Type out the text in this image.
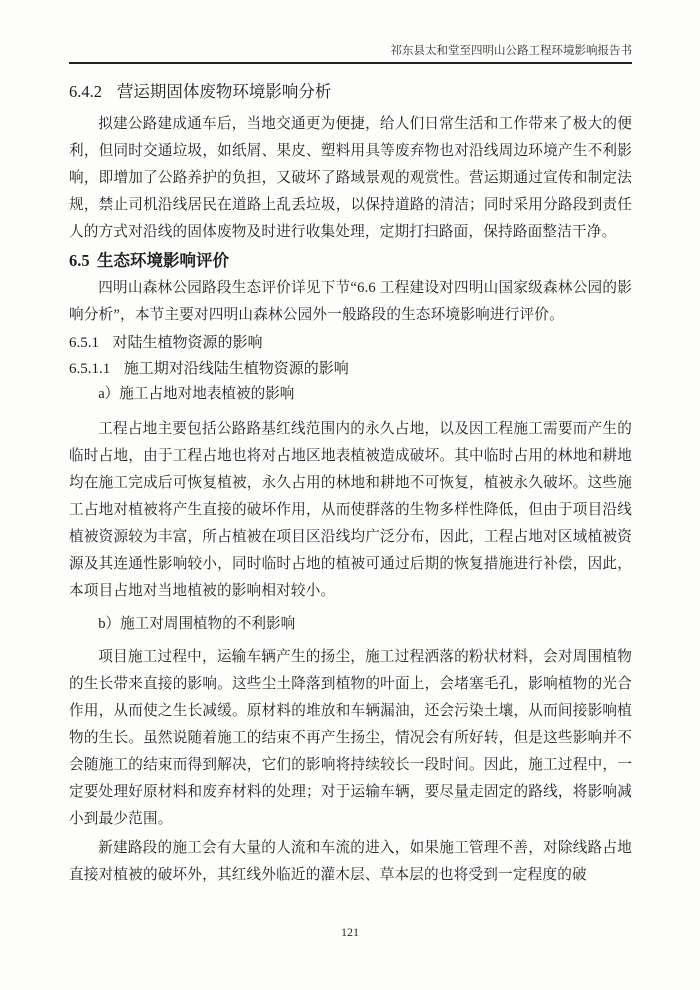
祁东县太和堂至四明山公路工程环境影响报告书
6.4.2 营运期固体废物环境影响分析

拟建公路建成通车后，当地交通更为便捷，给人们日常生活和工作带来了极大的便利，但同时交通垃圾，如纸屑、果皮、塑料用具等废弃物也对沿线周边环境产生不利影响，即增加了公路养护的负担，又破坏了路域景观的观赏性。营运期通过宣传和制定法规，禁止司机沿线居民在道路上乱丢垃圾，以保持道路的清洁；同时采用分路段到责任人的方式对沿线的固体废物及时进行收集处理，定期打扫路面，保持路面整洁干净。

6.5 生态环境影响评价

四明山森林公园路段生态评价详见下节“6.6 工程建设对四明山国家级森林公园的影响分析”，本节主要对四明山森林公园外一般路段的生态环境影响进行评价。

6.5.1 对陆生植物资源的影响
6.5.1.1 施工期对沿线陆生植物资源的影响

a）施工占地对地表植被的影响

工程占地主要包括公路路基红线范围内的永久占地，以及因工程施工需要而产生的临时占地，由于工程占地也将对占地区地表植被造成破坏。其中临时占用的林地和耕地均在施工完成后可恢复植被，永久占用的林地和耕地不可恢复，植被永久破坏。这些施工占地对植被将产生直接的破坏作用，从而使群落的生物多样性降低，但由于项目沿线植被资源较为丰富，所占植被在项目区沿线均广泛分布，因此，工程占地对区域植被资源及其连通性影响较小，同时临时占地的植被可通过后期的恢复措施进行补偿，因此，本项目占地对当地植被的影响相对较小。

b）施工对周围植物的不利影响

项目施工过程中，运输车辆产生的扬尘，施工过程洒落的粉状材料，会对周围植物的生长带来直接的影响。这些尘土降落到植物的叶面上，会堵塞毛孔，影响植物的光合作用，从而使之生长减缓。原材料的堆放和车辆漏油，还会污染土壤，从而间接影响植物的生长。虽然说随着施工的结束不再产生扬尘，情况会有所好转，但是这些影响并不会随施工的结束而得到解决，它们的影响将持续较长一段时间。因此，施工过程中，一定要处理好原材料和废弃材料的处理；对于运输车辆，要尽量走固定的路线，将影响减小到最少范围。

新建路段的施工会有大量的人流和车流的进入，如果施工管理不善，对除线路占地直接对植被的破坏外，其红线外临近的灌木层、草本层的也将受到一定程度的破

121
